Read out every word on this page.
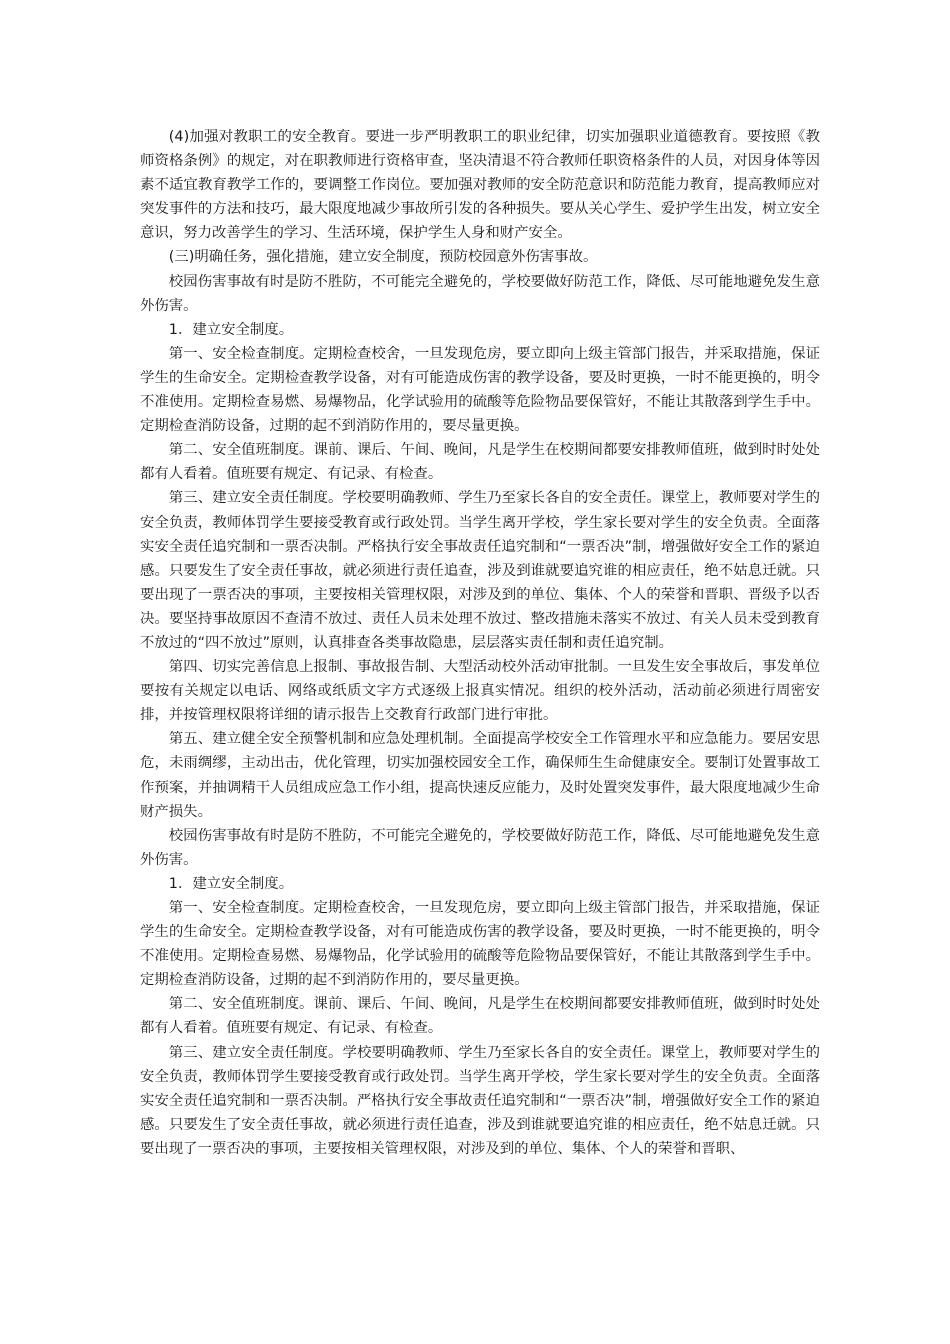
(4)加强对教职工的安全教育。要进一步严明教职工的职业纪律，切实加强职业道德教育。要按照《教师资格条例》的规定，对在职教师进行资格审查，坚决清退不符合教师任职资格条件的人员，对因身体等因素不适宜教育教学工作的，要调整工作岗位。要加强对教师的安全防范意识和防范能力教育，提高教师应对突发事件的方法和技巧，最大限度地减少事故所引发的各种损失。要从关心学生、爱护学生出发，树立安全意识，努力改善学生的学习、生活环境，保护学生人身和财产安全。

(三)明确任务，强化措施，建立安全制度，预防校园意外伤害事故。

校园伤害事故有时是防不胜防，不可能完全避免的，学校要做好防范工作，降低、尽可能地避免发生意外伤害。

1．建立安全制度。

第一、安全检查制度。定期检查校舍，一旦发现危房，要立即向上级主管部门报告，并采取措施，保证学生的生命安全。定期检查教学设备，对有可能造成伤害的教学设备，要及时更换，一时不能更换的，明令不准使用。定期检查易燃、易爆物品，化学试验用的硫酸等危险物品要保管好，不能让其散落到学生手中。定期检查消防设备，过期的起不到消防作用的，要尽量更换。

第二、安全值班制度。课前、课后、午间、晚间，凡是学生在校期间都要安排教师值班，做到时时处处都有人看着。值班要有规定、有记录、有检查。

第三、建立安全责任制度。学校要明确教师、学生乃至家长各自的安全责任。课堂上，教师要对学生的安全负责，教师体罚学生要接受教育或行政处罚。当学生离开学校，学生家长要对学生的安全负责。全面落实安全责任追究制和一票否决制。严格执行安全事故责任追究制和“一票否决”制，增强做好安全工作的紧迫感。只要发生了安全责任事故，就必须进行责任追查，涉及到谁就要追究谁的相应责任，绝不姑息迁就。只要出现了一票否决的事项，主要按相关管理权限，对涉及到的单位、集体、个人的荣誉和晋职、晋级予以否决。要坚持事故原因不查清不放过、责任人员未处理不放过、整改措施未落实不放过、有关人员未受到教育不放过的“四不放过”原则，认真排查各类事故隐患，层层落实责任制和责任追究制。

第四、切实完善信息上报制、事故报告制、大型活动校外活动审批制。一旦发生安全事故后，事发单位要按有关规定以电话、网络或纸质文字方式逐级上报真实情况。组织的校外活动，活动前必须进行周密安排，并按管理权限将详细的请示报告上交教育行政部门进行审批。

第五、建立健全安全预警机制和应急处理机制。全面提高学校安全工作管理水平和应急能力。要居安思危，未雨绸缪，主动出击，优化管理，切实加强校园安全工作，确保师生生命健康安全。要制订处置事故工作预案，并抽调精干人员组成应急工作小组，提高快速反应能力，及时处置突发事件，最大限度地减少生命财产损失。

校园伤害事故有时是防不胜防，不可能完全避免的，学校要做好防范工作，降低、尽可能地避免发生意外伤害。

1．建立安全制度。

第一、安全检查制度。定期检查校舍，一旦发现危房，要立即向上级主管部门报告，并采取措施，保证学生的生命安全。定期检查教学设备，对有可能造成伤害的教学设备，要及时更换，一时不能更换的，明令不准使用。定期检查易燃、易爆物品，化学试验用的硫酸等危险物品要保管好，不能让其散落到学生手中。定期检查消防设备，过期的起不到消防作用的，要尽量更换。

第二、安全值班制度。课前、课后、午间、晚间，凡是学生在校期间都要安排教师值班，做到时时处处都有人看着。值班要有规定、有记录、有检查。

第三、建立安全责任制度。学校要明确教师、学生乃至家长各自的安全责任。课堂上，教师要对学生的安全负责，教师体罚学生要接受教育或行政处罚。当学生离开学校，学生家长要对学生的安全负责。全面落实安全责任追究制和一票否决制。严格执行安全事故责任追究制和“一票否决”制，增强做好安全工作的紧迫感。只要发生了安全责任事故，就必须进行责任追查，涉及到谁就要追究谁的相应责任，绝不姑息迁就。只要出现了一票否决的事项，主要按相关管理权限，对涉及到的单位、集体、个人的荣誉和晋职、
